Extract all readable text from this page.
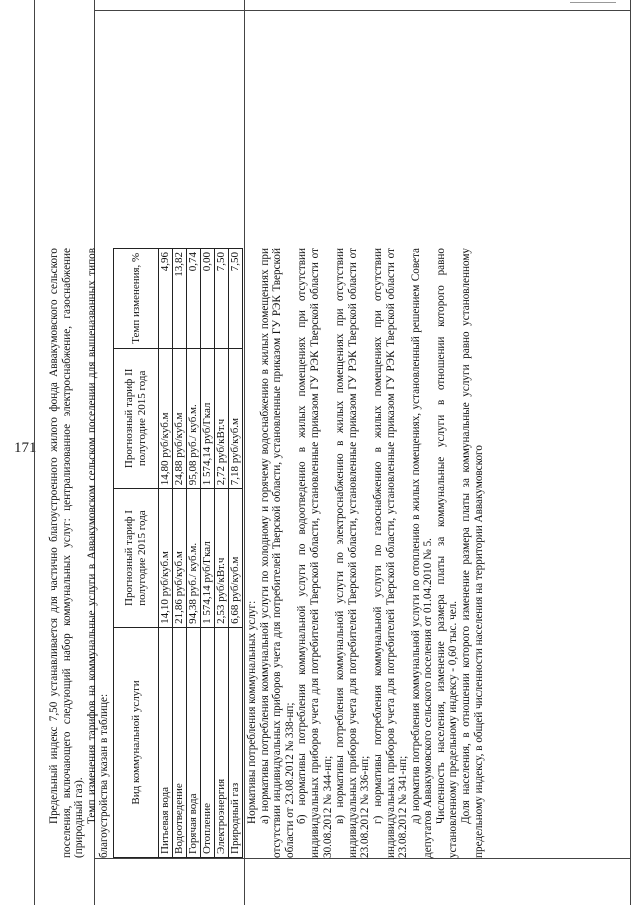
171 Предельный индекс 7,50 устанавливается для частично благоустроенного жилого фонда Аввакумовского сельского поселения, включающего следующий набор коммунальных услуг: централизованное электроснабжение, газоснабжение (природный газ). Темп изменения тарифов на коммунальные услуги в Аввакумовском сельском поселении для вышеназванных типов благоустройства указан в таблице: Вид коммунальной услуги	Прогнозный тариф I полугодие 2015 года	Прогнозный тариф II полугодие 2015 года	Темп изменения, %
Питьевая вода	14,10 руб/куб.м	14,80 руб/куб.м	4,96
Водоотведение	21,86 руб/куб.м	24,88 руб/куб.м	13,82
Горячая вода	94,38 руб./ куб.м.	95,08 руб./ куб.м.	0,74
Отопление	1 574,14 руб/Гкал	1 574,14 руб/Гкал	0,00
Электроэнергия	2,53 руб/кВт.ч	2,72 руб/кВт.ч	7,50
Природный газ	6,68 руб/куб.м	7,18 руб/куб.м	7,50

Нормативы потребления коммунальных услуг: а) нормативы потребления коммунальной услуги по холодному и горячему водоснабжению в жилых помещениях при отсутствии индивидуальных приборов учета для потребителей Тверской области, установленные приказом ГУ РЭК Тверской области от 23.08.2012 № 338-нп; б) нормативы потребления коммунальной услуги по водоотведению в жилых помещениях при отсутствии индивидуальных приборов учета для потребителей Тверской области, установленные приказом ГУ РЭК Тверской области от 30.08.2012 № 344-нп; в) нормативы потребления коммунальной услуги по электроснабжению в жилых помещениях при отсутствии индивидуальных приборов учета для потребителей Тверской области, установленные приказом ГУ РЭК Тверской области от 23.08.2012 № 336-нп; г) нормативы потребления коммунальной услуги по газоснабжению в жилых помещениях при отсутствии индивидуальных приборов учета для потребителей Тверской области, установленные приказом ГУ РЭК Тверской области от 23.08.2012 № 341-нп; д) норматив потребления коммунальной услуги по отоплению в жилых помещениях, установленный решением Совета депутатов Аввакумовского сельского поселения от 01.04.2010 № 5. Численность населения, изменение размера платы за коммунальные услуги в отношении которого равно установленному предельному индексу - 0,60 тыс. чел. Доля населения, в отношении которого изменение размера платы за коммунальные услуги равно установленному предельному индексу, в общей численности населения на территории Аввакумовского
